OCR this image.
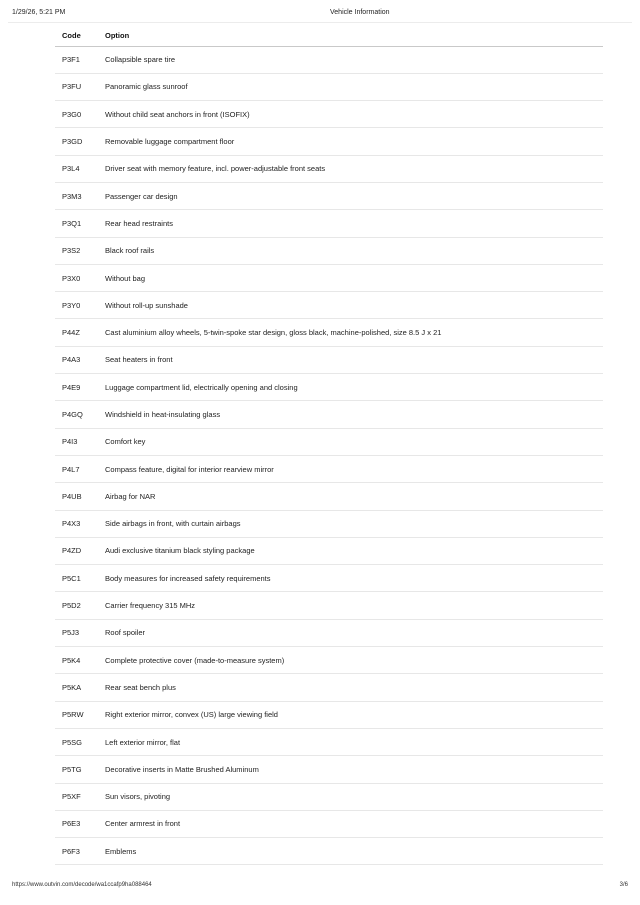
1/29/26, 5:21 PM	Vehicle Information
Code	Option
P3F1	Collapsible spare tire
P3FU	Panoramic glass sunroof
P3G0	Without child seat anchors in front (ISOFIX)
P3GD	Removable luggage compartment floor
P3L4	Driver seat with memory feature, incl. power-adjustable front seats
P3M3	Passenger car design
P3Q1	Rear head restraints
P3S2	Black roof rails
P3X0	Without bag
P3Y0	Without roll-up sunshade
P44Z	Cast aluminium alloy wheels, 5-twin-spoke star design, gloss black, machine-polished, size 8.5 J x 21
P4A3	Seat heaters in front
P4E9	Luggage compartment lid, electrically opening and closing
P4GQ	Windshield in heat-insulating glass
P4I3	Comfort key
P4L7	Compass feature, digital for interior rearview mirror
P4UB	Airbag for NAR
P4X3	Side airbags in front, with curtain airbags
P4ZD	Audi exclusive titanium black styling package
P5C1	Body measures for increased safety requirements
P5D2	Carrier frequency 315 MHz
P5J3	Roof spoiler
P5K4	Complete protective cover (made-to-measure system)
P5KA	Rear seat bench plus
P5RW	Right exterior mirror, convex (US) large viewing field
P5SG	Left exterior mirror, flat
P5TG	Decorative inserts in Matte Brushed Aluminum
P5XF	Sun visors, pivoting
P6E3	Center armrest in front
P6F3	Emblems
https://www.outvin.com/decode/wa1ccafp9ha088464	3/6
